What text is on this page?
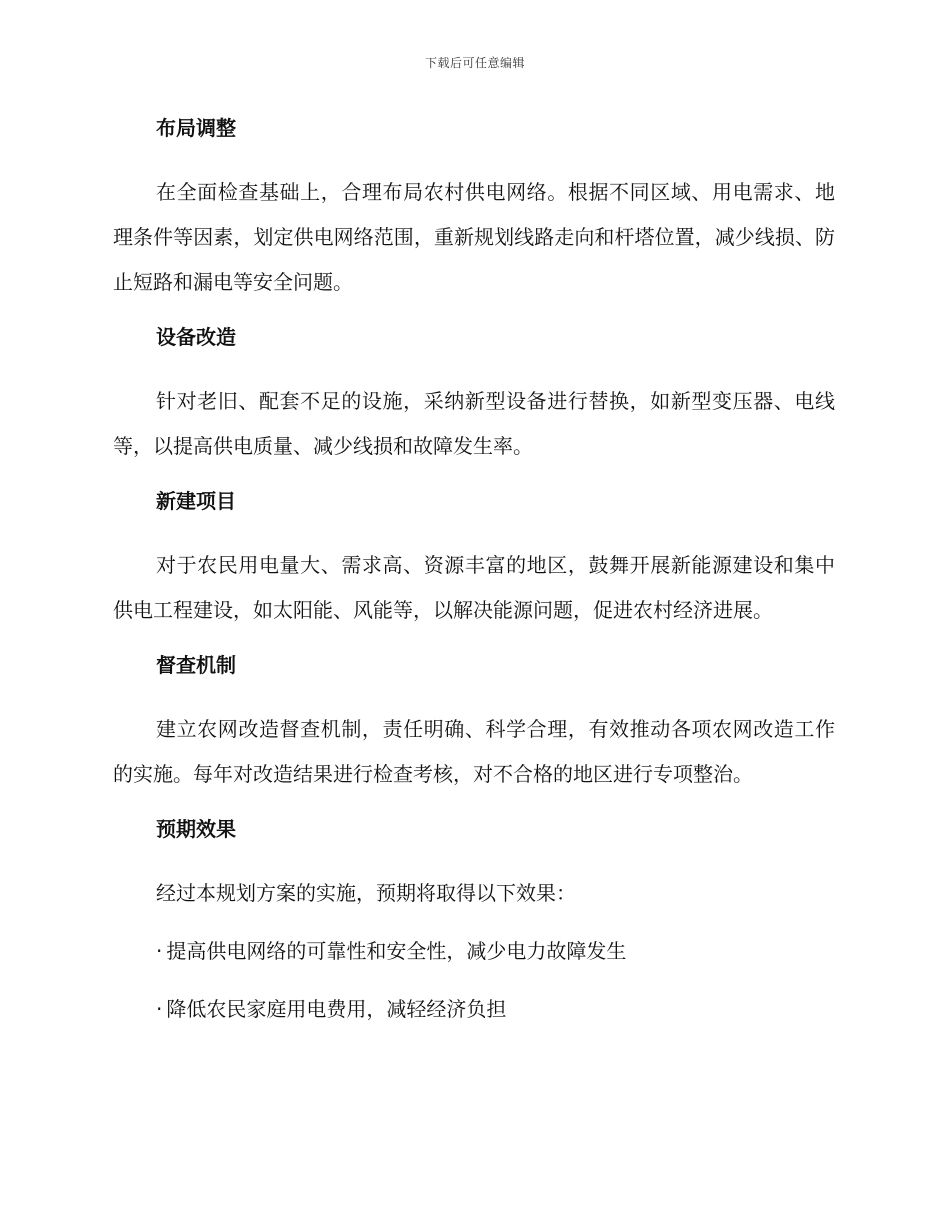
下载后可任意编辑
布局调整

在全面检查基础上，合理布局农村供电网络。根据不同区域、用电需求、地理条件等因素，划定供电网络范围，重新规划线路走向和杆塔位置，减少线损、防止短路和漏电等安全问题。

设备改造

针对老旧、配套不足的设施，采纳新型设备进行替换，如新型变压器、电线等，以提高供电质量、减少线损和故障发生率。

新建项目

对于农民用电量大、需求高、资源丰富的地区，鼓舞开展新能源建设和集中供电工程建设，如太阳能、风能等，以解决能源问题，促进农村经济进展。

督查机制

建立农网改造督查机制，责任明确、科学合理，有效推动各项农网改造工作的实施。每年对改造结果进行检查考核，对不合格的地区进行专项整治。

预期效果
经过本规划方案的实施，预期将取得以下效果：
· 提高供电网络的可靠性和安全性，减少电力故障发生
· 降低农民家庭用电费用，减轻经济负担
